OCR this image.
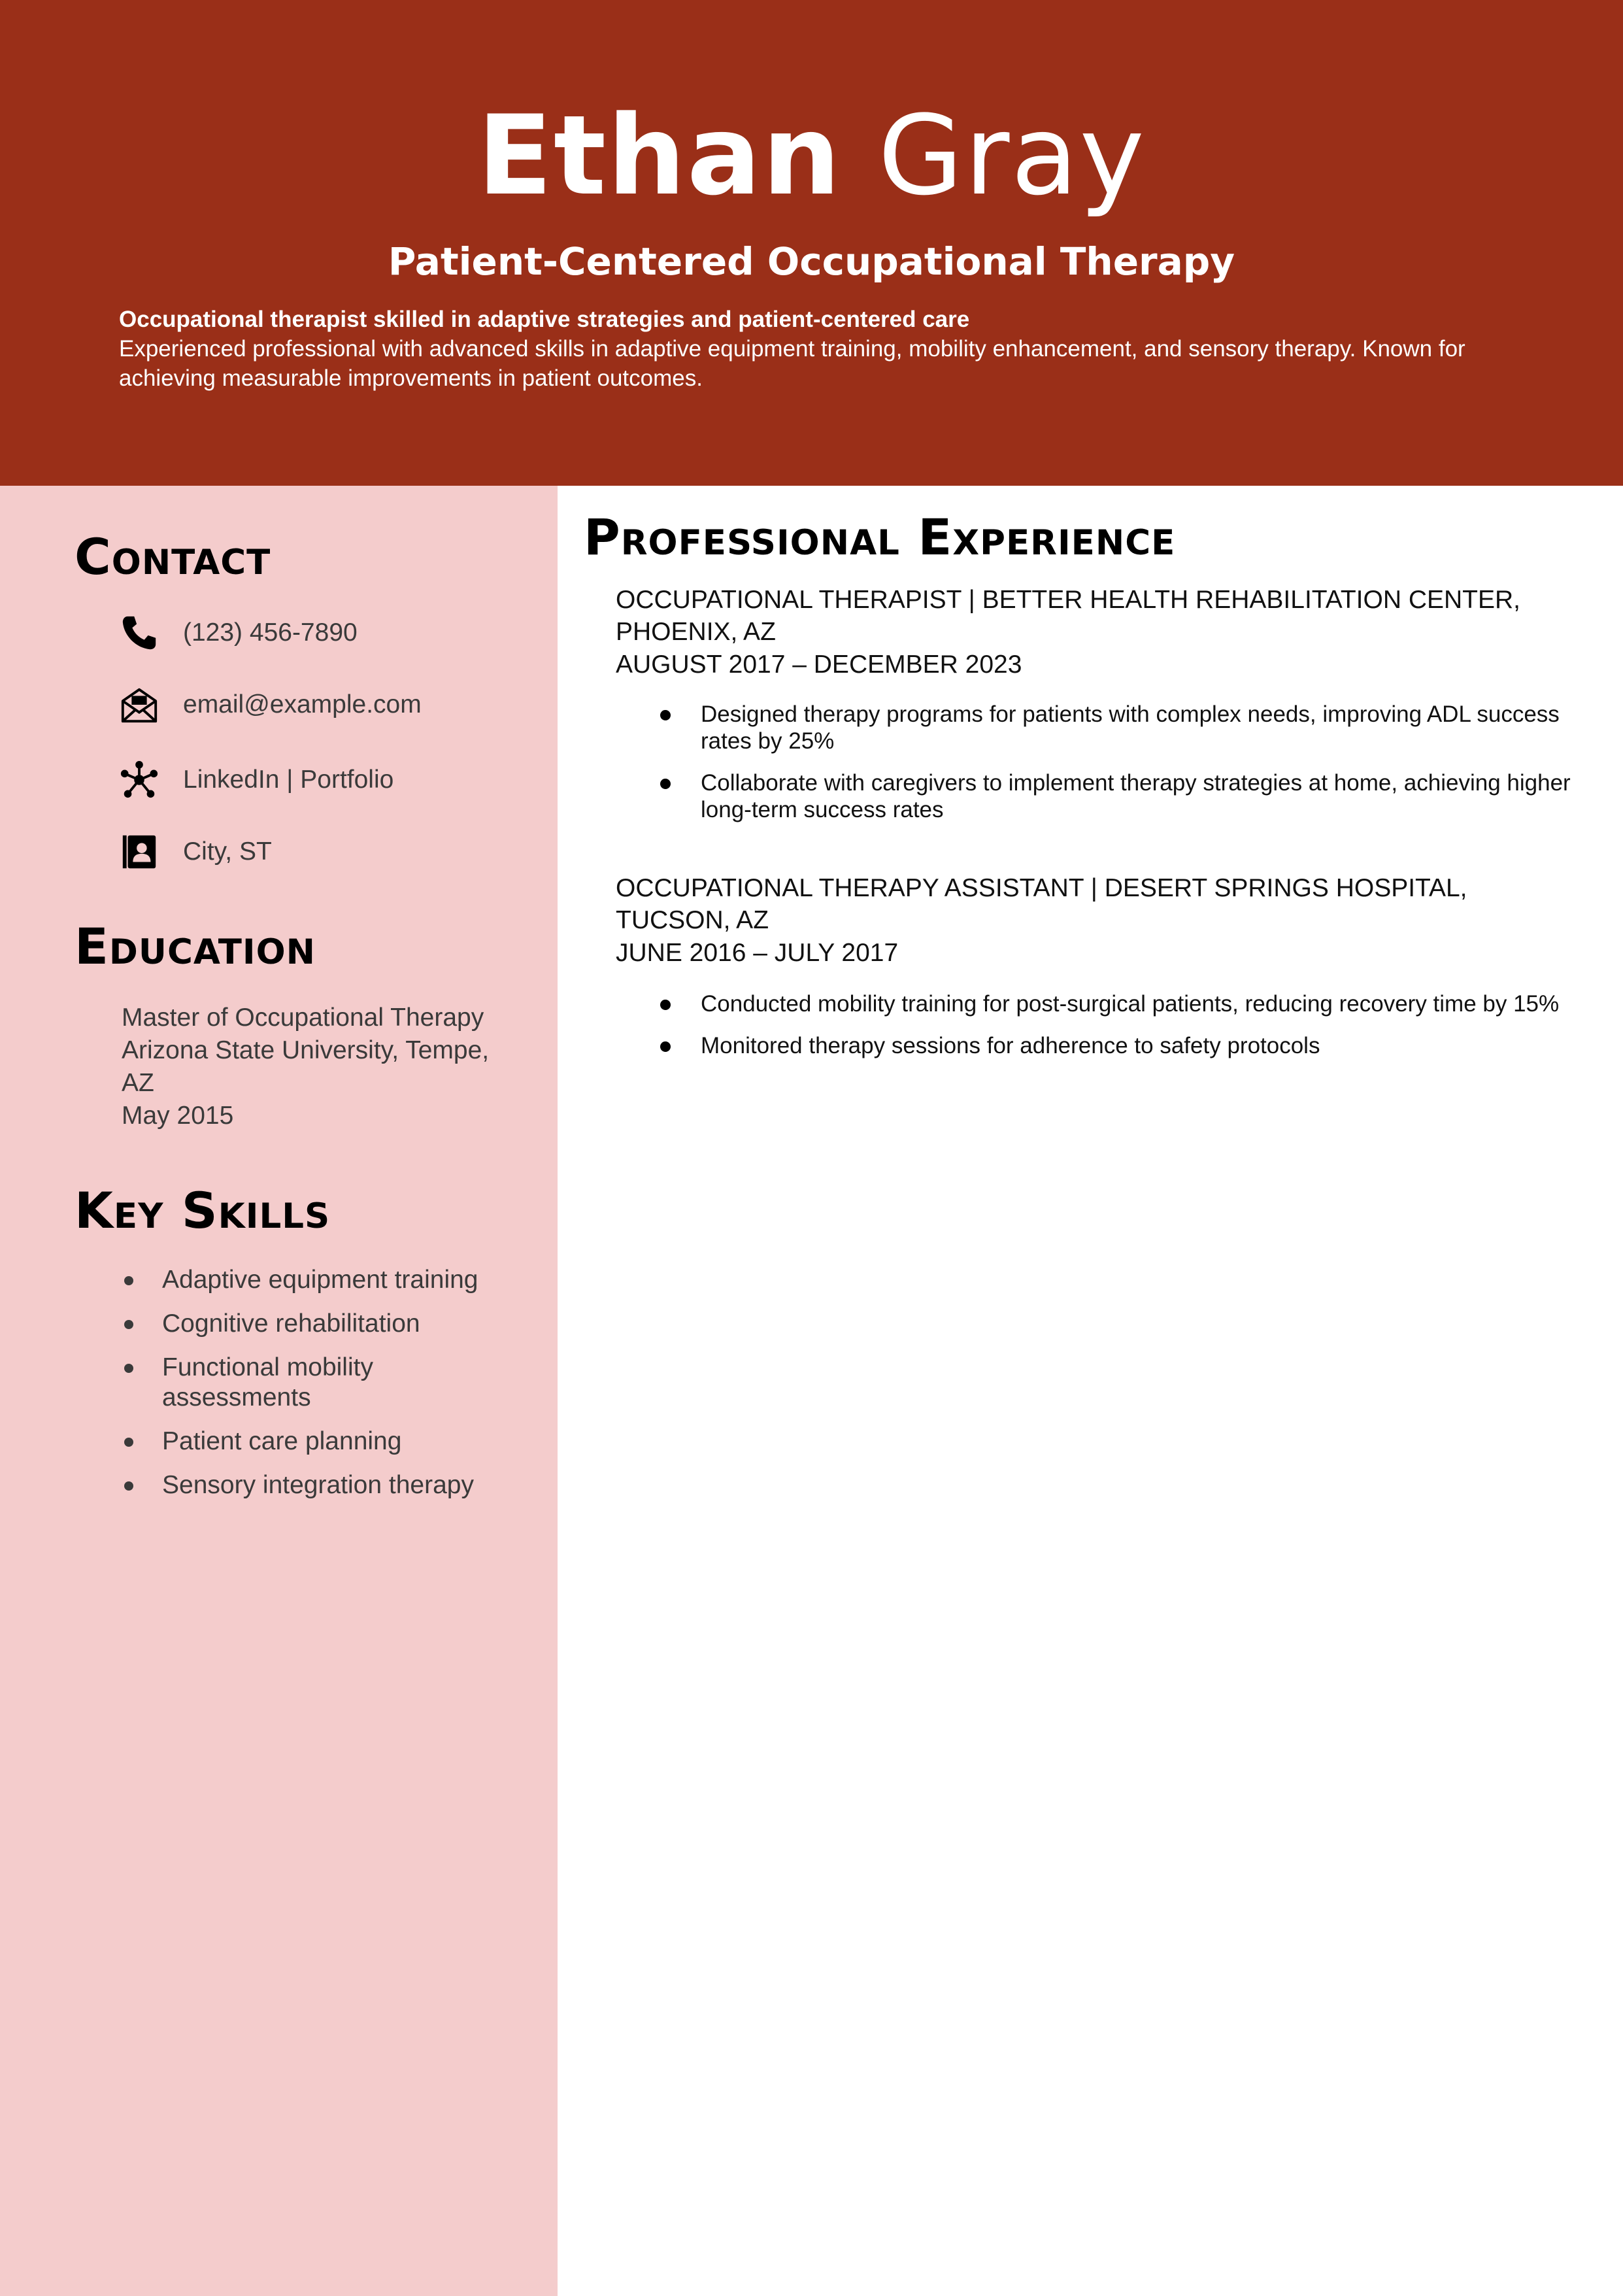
Ethan Gray
Patient-Centered Occupational Therapy
Occupational therapist skilled in adaptive strategies and patient-centered care
Experienced professional with advanced skills in adaptive equipment training, mobility enhancement, and sensory therapy. Known for achieving measurable improvements in patient outcomes.
Contact
(123) 456-7890
email@example.com
LinkedIn | Portfolio
City, ST
Education
Master of Occupational Therapy
Arizona State University, Tempe, AZ
May 2015
Key Skills
Adaptive equipment training
Cognitive rehabilitation
Functional mobility assessments
Patient care planning
Sensory integration therapy
Professional Experience
OCCUPATIONAL THERAPIST | BETTER HEALTH REHABILITATION CENTER, PHOENIX, AZ
AUGUST 2017 – DECEMBER 2023
Designed therapy programs for patients with complex needs, improving ADL success rates by 25%
Collaborate with caregivers to implement therapy strategies at home, achieving higher long-term success rates
OCCUPATIONAL THERAPY ASSISTANT | DESERT SPRINGS HOSPITAL, TUCSON, AZ
JUNE 2016 – JULY 2017
Conducted mobility training for post-surgical patients, reducing recovery time by 15%
Monitored therapy sessions for adherence to safety protocols
